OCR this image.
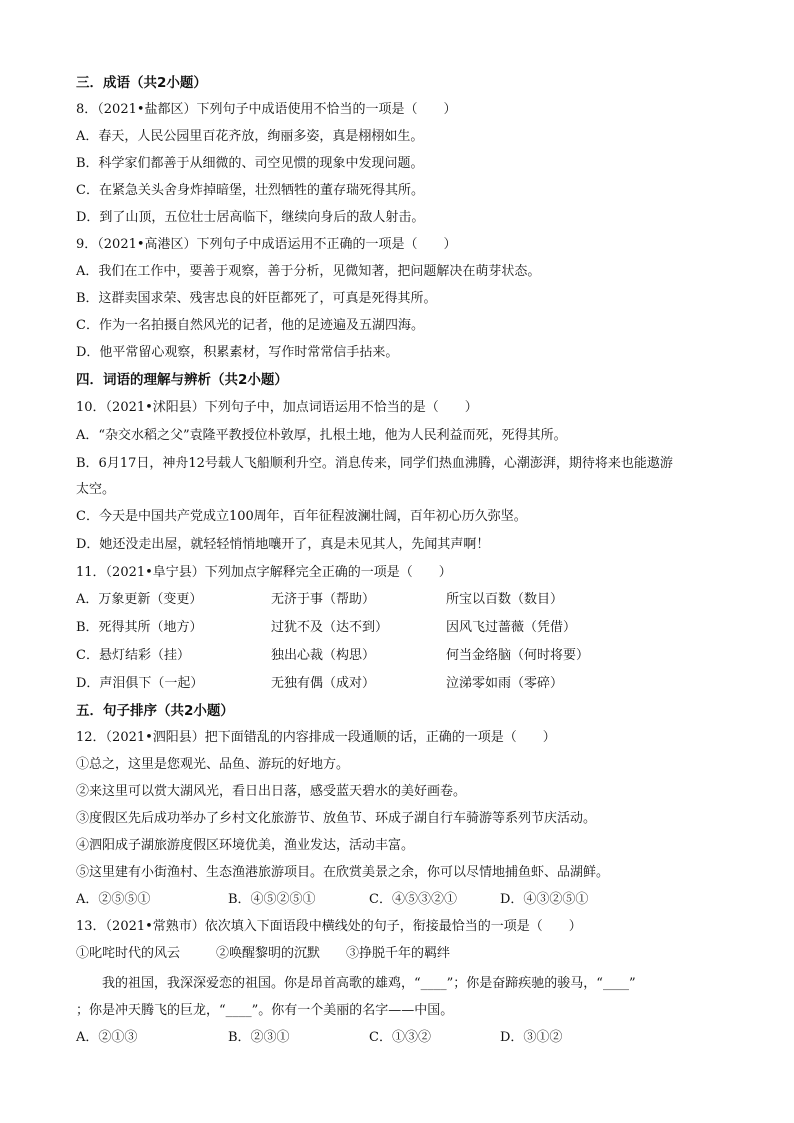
三．成语（共2小题）
8．（2021•盐都区）下列句子中成语使用不恰当的一项是（　　）
A．春天，人民公园里百花齐放，绚丽多姿，真是栩栩如生。
B．科学家们都善于从细微的、司空见惯的现象中发现问题。
C．在紧急关头舍身炸掉暗堡，壮烈牺牲的董存瑞死得其所。
D．到了山顶，五位壮士居高临下，继续向身后的敌人射击。
9．（2021•高港区）下列句子中成语运用不正确的一项是（　　）
A．我们在工作中，要善于观察，善于分析，见微知著，把问题解决在萌芽状态。
B．这群卖国求荣、残害忠良的奸臣都死了，可真是死得其所。
C．作为一名拍摄自然风光的记者，他的足迹遍及五湖四海。
D．他平常留心观察，积累素材，写作时常常信手拈来。
四．词语的理解与辨析（共2小题）
10．（2021•沭阳县）下列句子中，加点词语运用不恰当的是（　　）
A．“杂交水稻之父”袁隆平教授位朴敦厚，扎根土地，他为人民利益而死，死得其所。
B．6月17日，神舟12号载人飞船顺利升空。消息传来，同学们热血沸腾，心潮澎湃，期待将来也能遨游
太空。
C．今天是中国共产党成立100周年，百年征程波澜壮阔，百年初心历久弥坚。
D．她还没走出屋，就轻轻悄悄地嚷开了，真是未见其人，先闻其声啊！
11．（2021•阜宁县）下列加点字解释完全正确的一项是（　　）
A．万象更新（变更）	无济于事（帮助）	所宝以百数（数目）
B．死得其所（地方）	过犹不及（达不到）	因风飞过蔷薇（凭借）
C．悬灯结彩（挂）	独出心裁（构思）	何当金络脑（何时将要）
D．声泪俱下（一起）	无独有偶（成对）	泣涕零如雨（零碎）
五．句子排序（共2小题）
12．（2021•泗阳县）把下面错乱的内容排成一段通顺的话，正确的一项是（　　）
①总之，这里是您观光、品鱼、游玩的好地方。
②来这里可以赏大湖风光，看日出日落，感受蓝天碧水的美好画卷。
③度假区先后成功举办了乡村文化旅游节、放鱼节、环成子湖自行车骑游等系列节庆活动。
④泗阳成子湖旅游度假区环境优美，渔业发达，活动丰富。
⑤这里建有小街渔村、生态渔港旅游项目。在欣赏美景之余，你可以尽情地捕鱼虾、品湖鲜。
A．②⑤⑤①	B．④⑤②⑤①	C．④⑤③②①	D．④③②⑤①
13．（2021•常熟市）依次填入下面语段中横线处的句子，衔接最恰当的一项是（　　）
①叱咤时代的风云	②唤醒黎明的沉默 ③挣脱千年的羁绊
我的祖国，我深深爱恋的祖国。你是昂首高歌的雄鸡，“____”；你是奋蹄疾驰的骏马，“____”
；你是冲天腾飞的巨龙，“____”。你有一个美丽的名字——中国。
A．②①③	B．②③①	C．①③②	D．③①②
